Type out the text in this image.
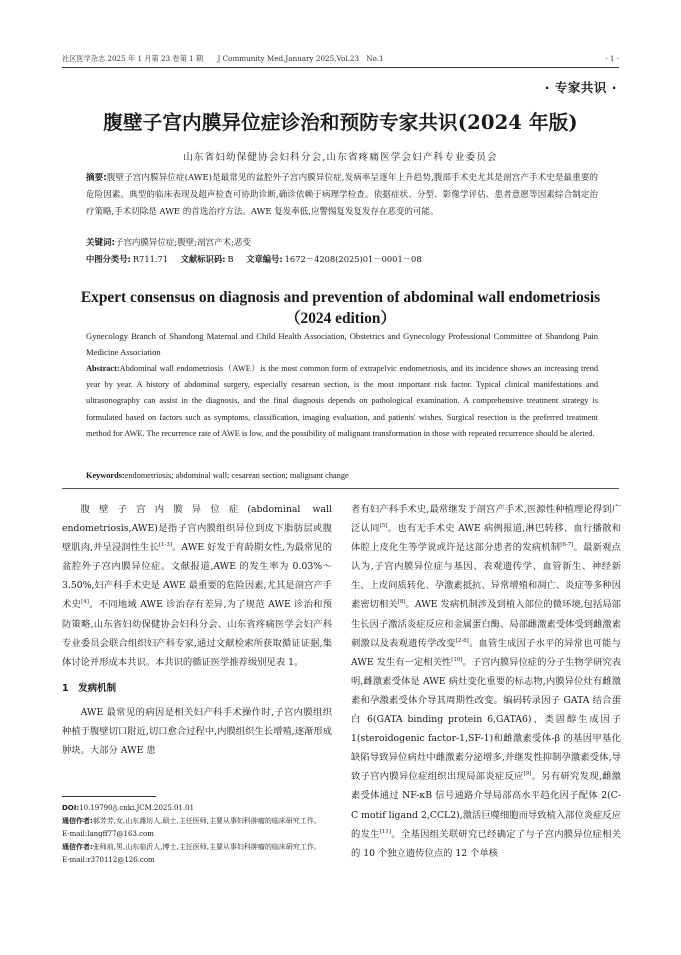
社区医学杂志 2025 年 1 月第 23 卷第 1 期　　J Community Med,January 2025,Vol.23　No.1	· 1 ·
· 专家共识 ·
腹壁子宫内膜异位症诊治和预防专家共识(2024 年版)
山东省妇幼保健协会妇科分会,山东省疼痛医学会妇产科专业委员会
摘要:腹壁子宫内膜异位症(AWE)是最常见的盆腔外子宫内膜异位症,发病率呈逐年上升趋势,腹部手术史尤其是剖宫产手术史是最重要的危险因素。典型的临床表现及超声检查可协助诊断,确诊依赖于病理学检查。依据症状、分型、影像学评估、患者意愿等因素综合制定治疗策略,手术切除是 AWE 的首选治疗方法。AWE 复发率低,应警惕复发复发存在恶变的可能。
关键词:子宫内膜异位症;腹壁;剖宫产术;恶变
中图分类号: R711.71 文献标识码: B 文章编号: 1672－4208(2025)01－0001－08
Expert consensus on diagnosis and prevention of abdominal wall endometriosis（2024 edition）
Gynecology Branch of Shandong Maternal and Child Health Association, Obstetrics and Gynecology Professional Committee of Shandong Pain Medicine Association
Abstract:Abdominal wall endometriosis（AWE）is the most common form of extrapelvic endometriosis, and its incidence shows an increasing trend year by year. A history of abdominal surgery, especially cesarean section, is the most important risk factor. Typical clinical manifestations and ultrasonography can assist in the diagnosis, and the final diagnosis depends on pathological examination. A comprehensive treatment strategy is formulated based on factors such as symptoms, classification, imaging evaluation, and patients' wishes. Surgical resection is the preferred treatment method for AWE. The recurrence rate of AWE is low, and the possibility of malignant transformation in those with repeated recurrence should be alerted.
Keywords:endometriosis; abdominal wall; cesarean section; malignant change

腹壁子宫内膜异位症(abdominal wall endometriosis,AWE)是指子宫内膜组织异位到皮下脂肪层或腹壁肌肉,并呈浸润性生长[1-3]。AWE 好发于育龄期女性,为最常见的盆腔外子宫内膜异位症。文献报道,AWE 的发生率为 0.03%～3.50%,妇产科手术史是 AWE 最重要的危险因素,尤其是剖宫产手术史[4]。不同地域 AWE 诊治存有差异,为了规范 AWE 诊治和预防策略,山东省妇幼保健协会妇科分会、山东省疼痛医学会妇产科专业委员会联合组织妇产科专家,通过文献检索所获取循证证据,集体讨论并形成本共识。本共识的循证医学推荐级别见表 1。

1　发病机制

AWE 最常见的病因是相关妇产科手术操作时,子宫内膜组织种植于腹壁切口附近,切口愈合过程中,内膜组织生长增殖,逐渐形成肿块。大部分 AWE 患

DOI:10.19790/j.cnki.JCM.2025.01.01
通信作者:郝芳芳,女,山东潍坊人,硕士,主任医师,主要从事妇科肿瘤的临床研究工作。
E-mail:langff77@163.com
通信作者:张师前,男,山东临沂人,博士,主任医师,主要从事妇科肿瘤的临床研究工作。
E-mail:r370112@126.com

者有妇产科手术史,最常继发于剖宫产手术,医源性种植理论得到广泛认同[5]。也有无手术史 AWE 病例报道,淋巴转移、血行播散和体腔上皮化生等学说或许是这部分患者的发病机制[6-7]。最新观点认为,子宫内膜异位症与基因、表观遗传学、血管新生、神经新生、上皮间质转化、孕激素抵抗、异常增殖和凋亡、炎症等多种因素密切相关[8]。AWE 发病机制涉及到植入部位的微环境,包括局部生长因子激活炎症反应和金属蛋白酶、局部雌激素受体受到雌激素刺激以及表观遗传学改变[2-8]。血管生成因子水平的异常也可能与 AWE 发生有一定相关性[10]。子宫内膜异位症的分子生物学研究表明,雌激素受体是 AWE 病灶变化重要的标志物,内膜异位灶有雌激素和孕激素受体介导其周期性改变。编码转录因子 GATA 结合蛋白 6(GATA binding protein 6,GATA6)、类固醇生成因子 1(steroidogenic factor-1,SF-1)和雌激素受体-β 的基因甲基化缺陷导致异位病灶中雌激素分泌增多,并继发性抑制孕激素受体,导致子宫内膜异位症组织出现局部炎症反应[9]。另有研究发现,雌激素受体通过 NF-κB 信号通路介导局部高水平趋化因子配体 2(C-C motif ligand 2,CCL2),激活巨噬细胞而导致植入部位炎症反应的发生[11]。全基因组关联研究已经确定了与子宫内膜异位症相关的 10 个独立遗传位点的 12 个单核
